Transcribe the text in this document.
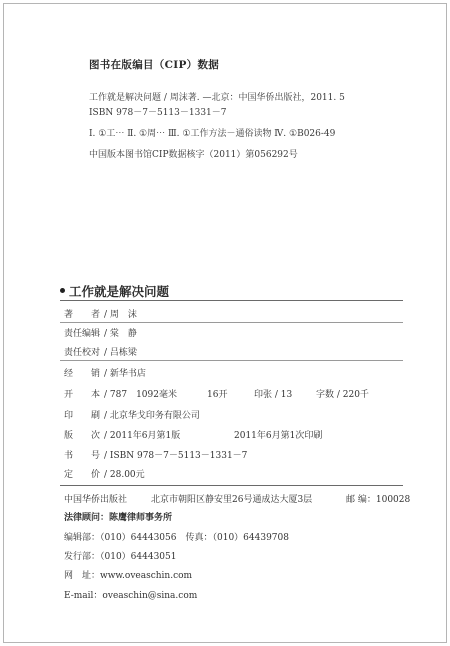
图书在版编目（CIP）数据
工作就是解决问题 / 周沫著. —北京：中国华侨出版社，2011. 5
ISBN 978－7－5113－1331－7
Ⅰ. ①工⋯ Ⅱ. ①周⋯ Ⅲ. ①工作方法－通俗读物 Ⅳ. ①B026-49
中国版本图书馆CIP数据核字（2011）第056292号
工作就是解决问题
著　　者 / 周　沫
责任编辑 / 棠　静
责任校对 / 吕栋梁
经　　销 / 新华书店
开　　本 / 787　1092毫米	16开	印张 / 13	字数 / 220千
印　　刷 / 北京华戈印务有限公司
版　　次 / 2011年6月第1版	2011年6月第1次印刷
书　　号 / ISBN 978－7－5113－1331－7
定　　价 / 28.00元
中国华侨出版社	北京市朝阳区静安里26号通成达大厦3层	邮 编：100028
法律顾问：陈鹰律师事务所
编辑部：（010）64443056　传真：（010）64439708
发行部：（010）64443051
网　址：www.oveaschin.com
E-mail：oveaschin@sina.com
